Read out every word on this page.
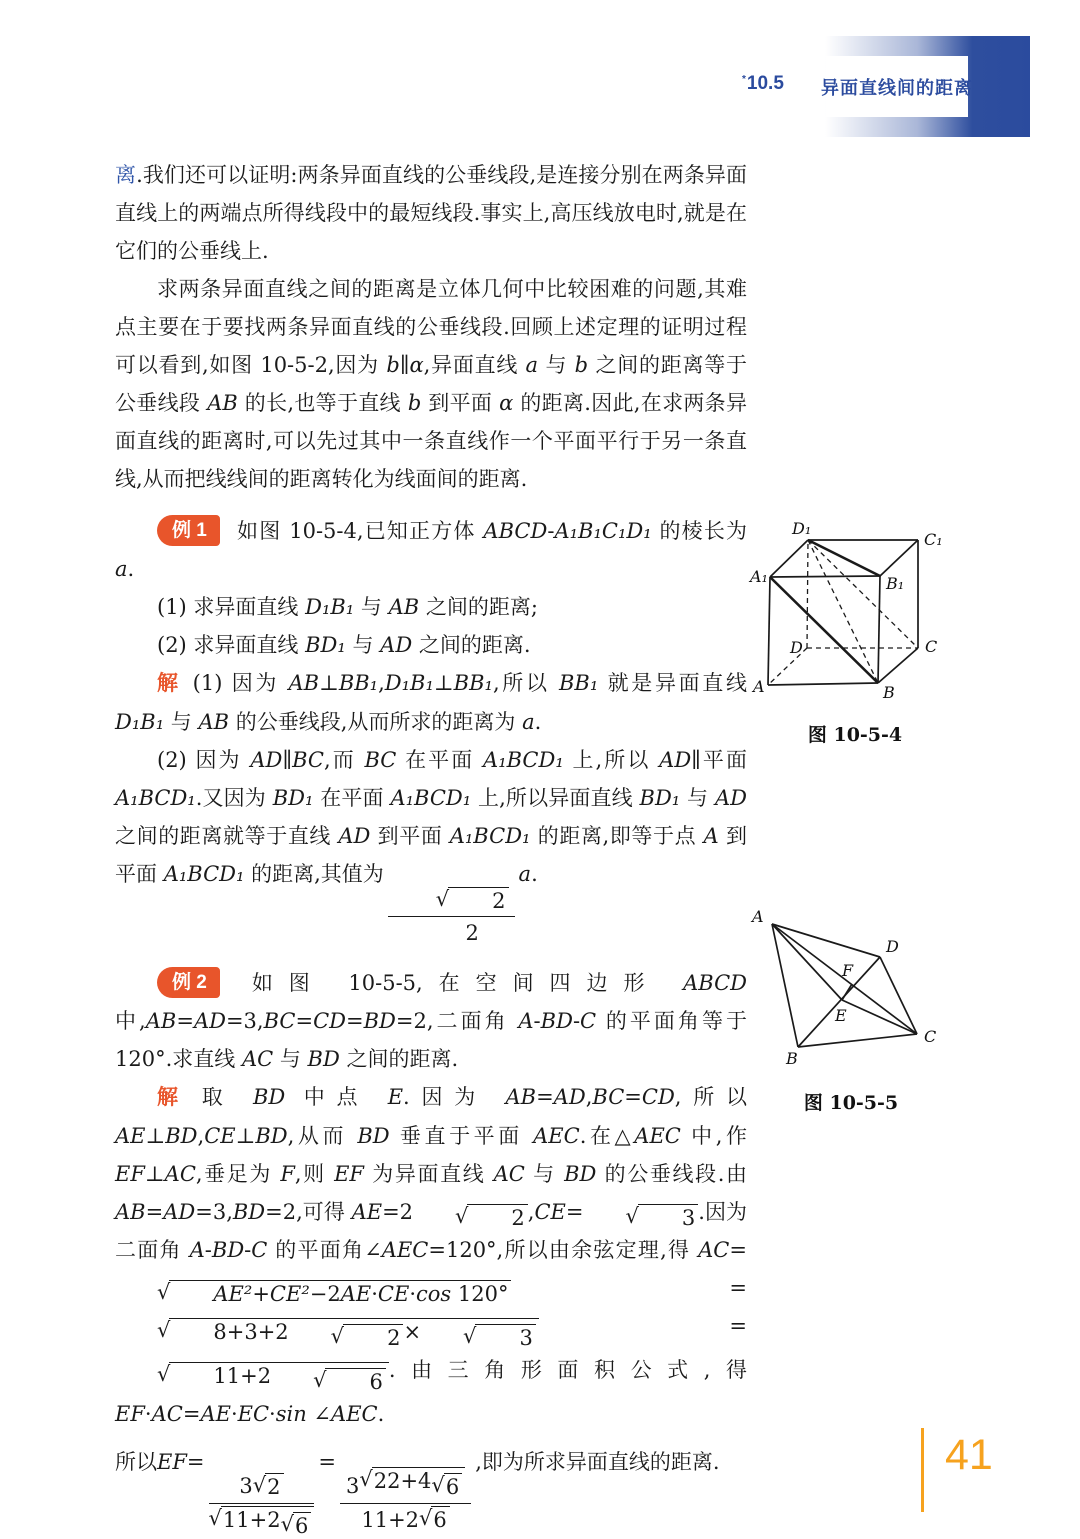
异面直线间的距离
*10.5

离.我们还可以证明:两条异面直线的公垂线段,是连接分别在两条异面直线上的两端点所得线段中的最短线段.事实上,高压线放电时,就是在它们的公垂线上.

求两条异面直线之间的距离是立体几何中比较困难的问题,其难点主要在于要找两条异面直线的公垂线段.回顾上述定理的证明过程可以看到,如图 10-5-2,因为 b∥α,异面直线 a 与 b 之间的距离等于公垂线段 AB 的长,也等于直线 b 到平面 α 的距离.因此,在求两条异面直线的距离时,可以先过其中一条直线作一个平面平行于另一条直线,从而把线线间的距离转化为线面间的距离.

例 1 如图 10-5-4,已知正方体 ABCD-A₁B₁C₁D₁ 的棱长为 a.

(1) 求异面直线 D₁B₁ 与 AB 之间的距离;

(2) 求异面直线 BD₁ 与 AD 之间的距离.

解 (1) 因为 AB⊥BB₁,D₁B₁⊥BB₁,所以 BB₁ 就是异面直线 D₁B₁ 与 AB 的公垂线段,从而所求的距离为 a.

(2) 因为 AD∥BC,而 BC 在平面 A₁BCD₁ 上,所以 AD∥平面 A₁BCD₁.又因为 BD₁ 在平面 A₁BCD₁ 上,所以异面直线 BD₁ 与 AD 之间的距离就等于直线 AD 到平面 A₁BCD₁ 的距离,即等于点 A 到平面 A₁BCD₁ 的距离,其值为
√	2
2
a.

例 2 如图 10-5-5,在空间四边形 ABCD 中,AB=AD=3,BC=CD=BD=2,二面角 A-BD-C 的平面角等于 120°.求直线 AC 与 BD 之间的距离.

解 取 BD 中点 E.因为 AB=AD,BC=CD,所以 AE⊥BD,CE⊥BD,从而 BD 垂直于平面 AEC.在△AEC 中,作 EF⊥AC,垂足为 F,则 EF 为异面直线 AC 与 BD 的公垂线段.由 AB=AD=3,BD=2,可得 AE=2	√	2 ,CE=	√	3 .因为二面角 A-BD-C 的平面角∠AEC=120°,所以由余弦定理,得 AC=
√	AE²+CE²−2AE·CE·cos 120° =
√	8+3+2	√	2 ×	√	3 =
√	11+2	√	6 .由三角形面积公式,得 EF·AC=AE·EC·sin ∠AEC.

所以EF=
$\frac{3 √ 2}{√ 11+2 √ 6}$
=
$\frac{3 √ 22+4 √ 6}{11+2 √ 6}$
,即为所求异面直线的距离.

D₁
C₁
A₁	B₁
D	C
A	B
图 10-5-4
A
D
F
E
B
C
图 10-5-5
41
